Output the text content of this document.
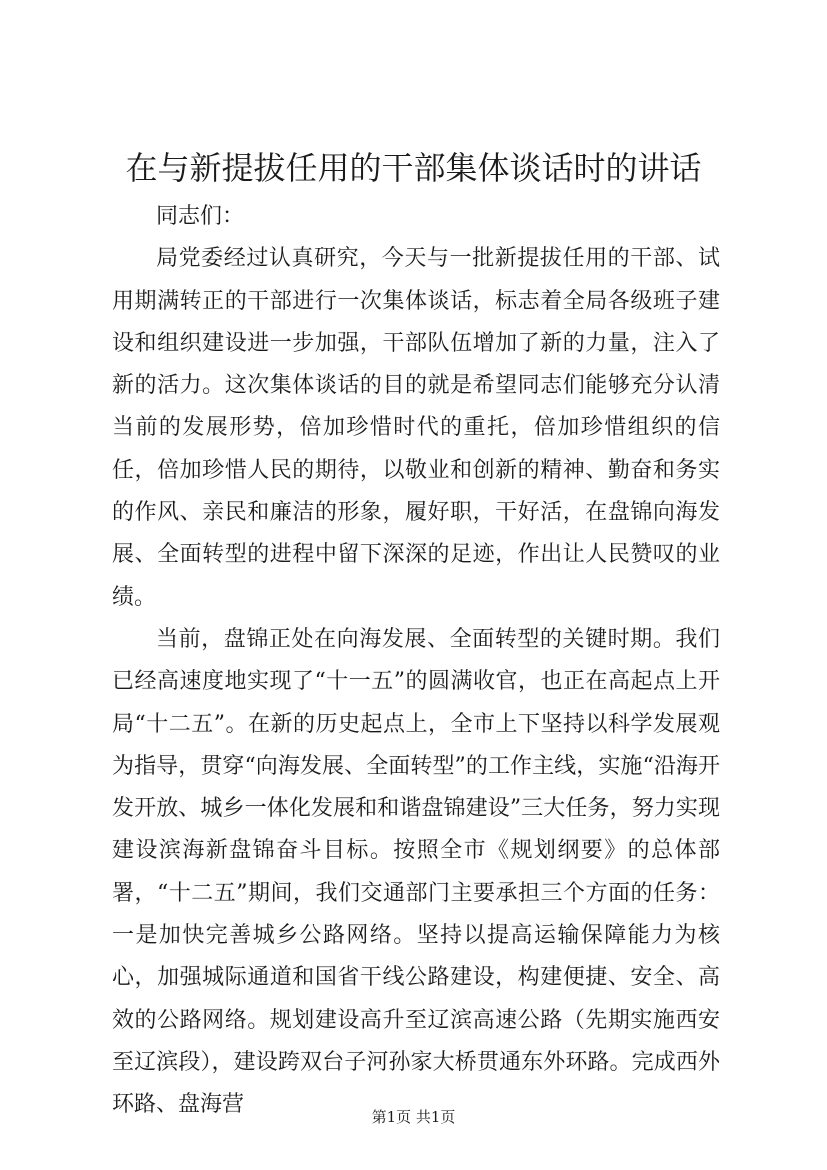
在与新提拔任用的干部集体谈话时的讲话

同志们：

局党委经过认真研究，今天与一批新提拔任用的干部、试用期满转正的干部进行一次集体谈话，标志着全局各级班子建设和组织建设进一步加强，干部队伍增加了新的力量，注入了新的活力。这次集体谈话的目的就是希望同志们能够充分认清当前的发展形势，倍加珍惜时代的重托，倍加珍惜组织的信任，倍加珍惜人民的期待，以敬业和创新的精神、勤奋和务实的作风、亲民和廉洁的形象，履好职，干好活，在盘锦向海发展、全面转型的进程中留下深深的足迹，作出让人民赞叹的业绩。

当前，盘锦正处在向海发展、全面转型的关键时期。我们已经高速度地实现了“十一五”的圆满收官，也正在高起点上开局“十二五”。在新的历史起点上，全市上下坚持以科学发展观为指导，贯穿“向海发展、全面转型”的工作主线，实施“沿海开发开放、城乡一体化发展和和谐盘锦建设”三大任务，努力实现建设滨海新盘锦奋斗目标。按照全市《规划纲要》的总体部署，“十二五”期间，我们交通部门主要承担三个方面的任务：一是加快完善城乡公路网络。坚持以提高运输保障能力为核心，加强城际通道和国省干线公路建设，构建便捷、安全、高效的公路网络。规划建设高升至辽滨高速公路（先期实施西安至辽滨段），建设跨双台子河孙家大桥贯通东外环路。完成西外环路、盘海营	第1页 共1页
